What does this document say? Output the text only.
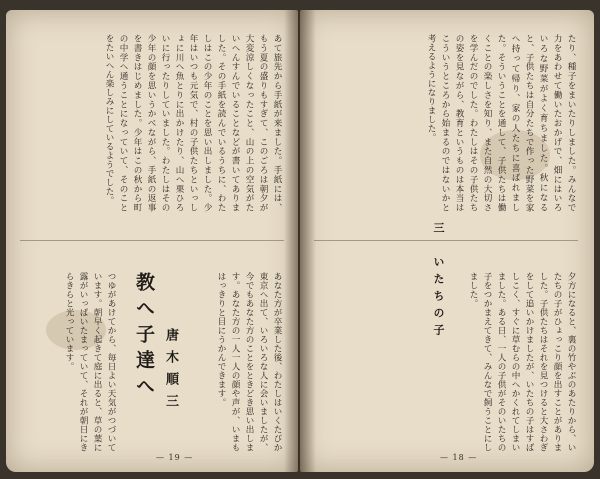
あて旅先から手紙が来ました。手紙には、もう夏の盛りもすぎて、このごろは朝夕が大変涼しくなったこと、山の上の空気がたいへんすんでいることなどが書いてありました。その手紙を読んでいるうちに、わたしはこの少年のことを思い出しました。少年はいつも元気で、村の子供たちといっしょに川へ魚とりに出かけたり、山へ栗ひろいに行ったりしていました。わたしはその少年の顔を思いうかべながら、手紙の返事を書きはじめました。少年はこの秋から町の中学へ通うことになっていて、そのことをたいへん楽しみにしているようでした。
あなた方が卒業した後、わたしはいくたびか東京へ出て、いろいろな人に会いましたが、今でもあなた方のことをときどき思い出します。あなた方の一人一人の顔や声が、いまもはっきりと目にうかんできます。
教へ子達へ 唐木順三
つゆがあけてから、毎日よい天気がつづいています。朝早く起きて庭に出ると、草の葉に露がいっぱいたまっていて、それが朝日にきらきらと光っています。
— 19 —
たり、種子をまいたりしました。みんなで力をあわせて働いたおかげで、畑にはいろいろな野菜がよく育ちました。秋になると、子供たちは自分たちで作った野菜を家へ持って帰り、家の人たちに喜ばれました。そういうことを通して、子供たちは働くことの楽しさを知り、また自然の大切さを学んだのでした。わたしはその子供たちの姿を見ながら、教育というものは本当はこういうところから始まるのではないかと考えるようになりました。
三　いたちの子	夕方になると、裏の竹やぶのあたりから、いたちの子がひょっこり顔を出すことがありました。子供たちはそれを見つけると大さわぎをして追いかけましたが、いたちの子はすばしこく、すぐに草むらの中へかくれてしまいました。ある日、一人の子供がそのいたちの子をつかまえてきて、みんなで飼うことにしました。
— 18 —
